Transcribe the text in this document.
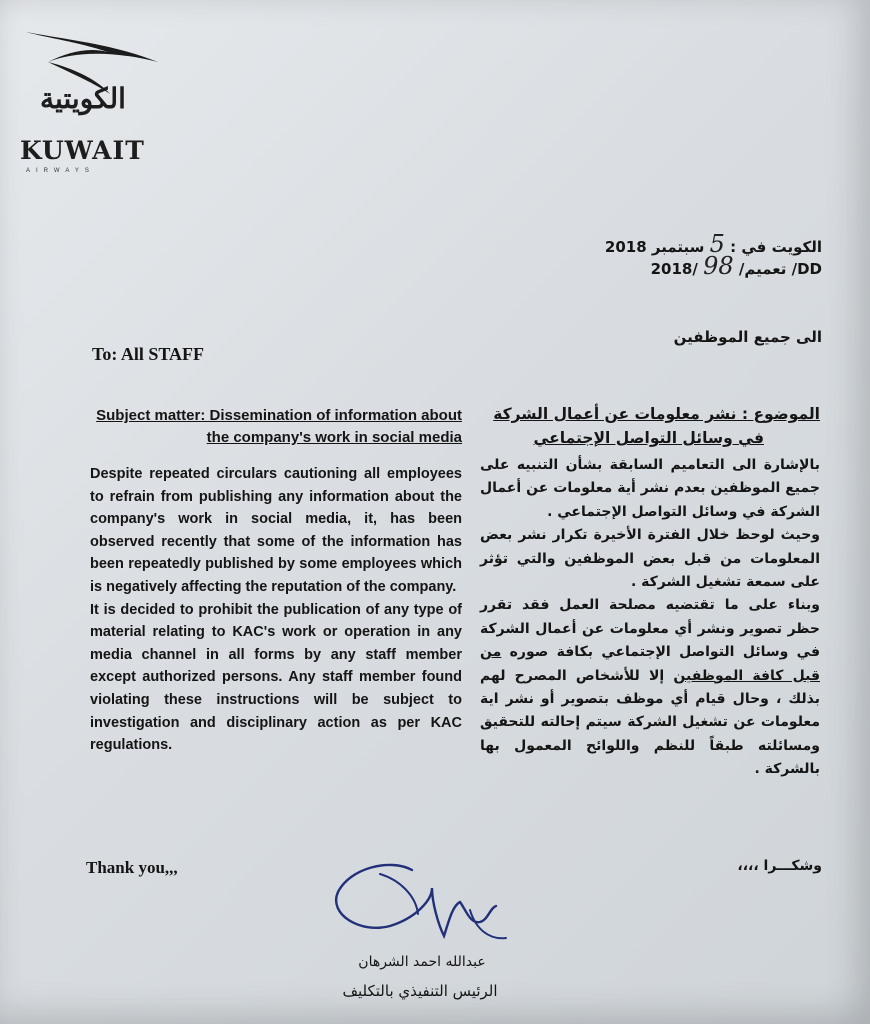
الكويتية
KUWAIT
AIRWAYS
الكويت في : 5 سبتمبر 2018
DD/ تعميم/ 98 /2018
To: All STAFF
الى جميع الموظفين
Subject matter: Dissemination of information about the company's work in social media

Despite repeated circulars cautioning all employees to refrain from publishing any information about the company's work in social media, it, has been observed recently that some of the information has been repeatedly published by some employees which is negatively affecting the reputation of the company.

It is decided to prohibit the publication of any type of material relating to KAC's work or operation in any media channel in all forms by any staff member except authorized persons. Any staff member found violating these instructions will be subject to investigation and disciplinary action as per KAC regulations.

Thank you,,,
الموضوع : نشر معلومات عن أعمال الشركة
في وسائل التواصل الإجتماعي

بالإشارة الى التعاميم السابقة بشأن التنبيه على جميع الموظفين بعدم نشر أية معلومات عن أعمال الشركة في وسائل التواصل الإجتماعي .

وحيث لوحظ خلال الفترة الأخيرة تكرار نشر بعض المعلومات من قبل بعض الموظفين والتي تؤثر على سمعة تشغيل الشركة .

وبناء على ما تقتضيه مصلحة العمل فقد تقرر حظر تصوير ونشر أي معلومات عن أعمال الشركة في وسائل التواصل الإجتماعي بكافة صوره من قبل كافة الموظفين إلا للأشخاص المصرح لهم بذلك ، وحال قيام أي موظف بتصوير أو نشر اية معلومات عن تشغيل الشركة سيتم إحالته للتحقيق ومسائلته طبقاً للنظم واللوائح المعمول بها بالشركة .

وشكـــرا ،،،،
عبدالله احمد الشرهان
الرئيس التنفيذي بالتكليف
